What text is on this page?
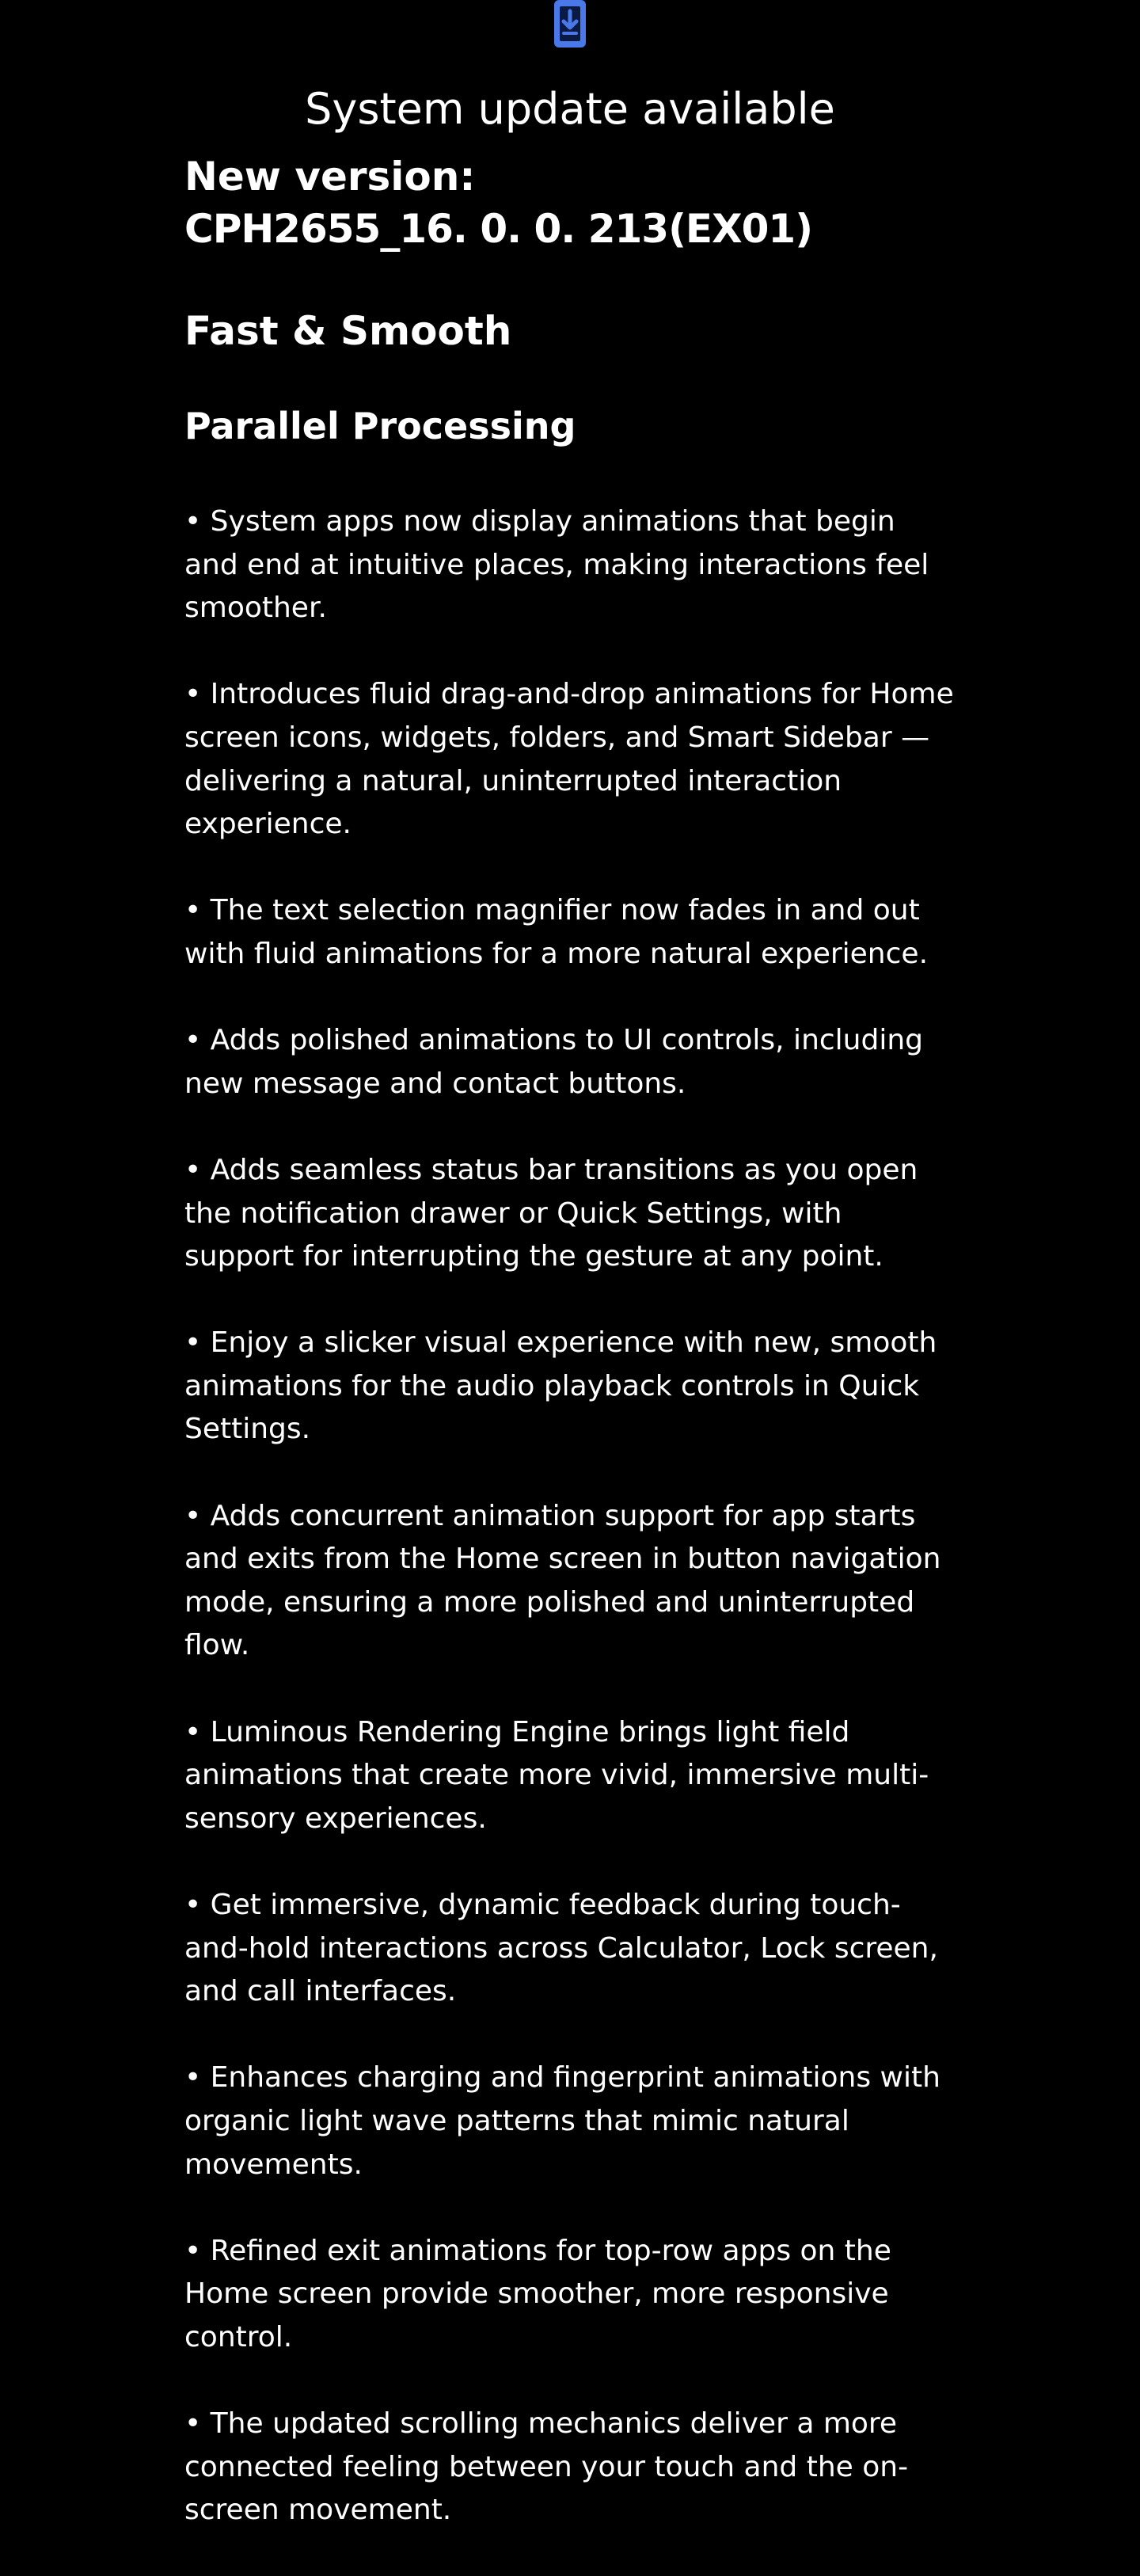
System update available
New version:
CPH2655_16. 0. 0. 213(EX01)
Fast & Smooth
Parallel Processing
• System apps now display animations that begin and end at intuitive places, making interactions feel smoother.
• Introduces fluid drag-and-drop animations for Home screen icons, widgets, folders, and Smart Sidebar —delivering a natural, uninterrupted interaction experience.
• The text selection magnifier now fades in and out with fluid animations for a more natural experience.
• Adds polished animations to UI controls, including new message and contact buttons.
• Adds seamless status bar transitions as you open the notification drawer or Quick Settings, with support for interrupting the gesture at any point.
• Enjoy a slicker visual experience with new, smooth animations for the audio playback controls in Quick Settings.
• Adds concurrent animation support for app starts and exits from the Home screen in button navigation mode, ensuring a more polished and uninterrupted flow.
• Luminous Rendering Engine brings light field animations that create more vivid, immersive multi-sensory experiences.
• Get immersive, dynamic feedback during touch-and-hold interactions across Calculator, Lock screen, and call interfaces.
• Enhances charging and fingerprint animations with organic light wave patterns that mimic natural movements.
• Refined exit animations for top-row apps on the Home screen provide smoother, more responsive control.
• The updated scrolling mechanics deliver a more connected feeling between your touch and the on-screen movement.
